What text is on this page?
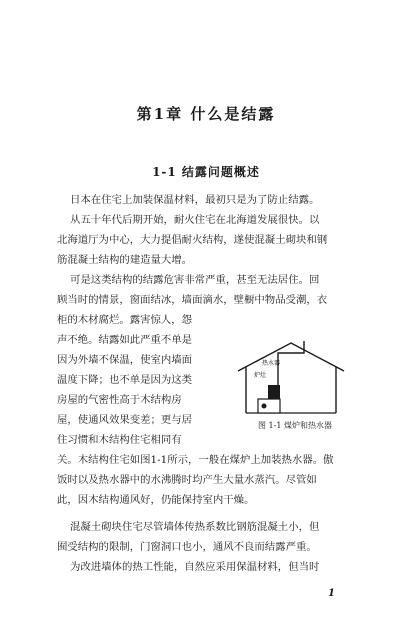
第1章 什么是结露
1-1 结露问题概述
日本在住宅上加装保温材料，最初只是为了防止结露。
从五十年代后期开始，耐火住宅在北海道发展很快。以
北海道厅为中心，大力提倡耐火结构，遂使混凝土砌块和钢
筋混凝土结构的建造量大增。
可是这类结构的结露危害非常严重，甚至无法居住。回
顾当时的情景，窗面结冰，墙面滴水，壁橱中物品受潮，衣
柜的木材腐烂。露害惊人，怨
声不绝。结露如此严重不单是
因为外墙不保温，使室内墙面
温度下降；也不单是因为这类
房屋的气密性高于木结构房
屋，使通风效果变差；更与居
住习惯和木结构住宅相同有
关。木结构住宅如图1-1所示，一般在煤炉上加装热水器。傲
饭时以及热水器中的水沸腾时均产生大量水蒸汽。尽管如
此，因木结构通风好，仍能保持室内干燥。
混凝土砌块住宅尽管墙体传热系数比钢筋混凝土小，但
囿受结构的限制，门窗洞口也小，通风不良而结露严重。
为改进墙体的热工性能，自然应采用保温材料，但当时
热水器
炉灶
图 1-1 煤炉和热水器
1
